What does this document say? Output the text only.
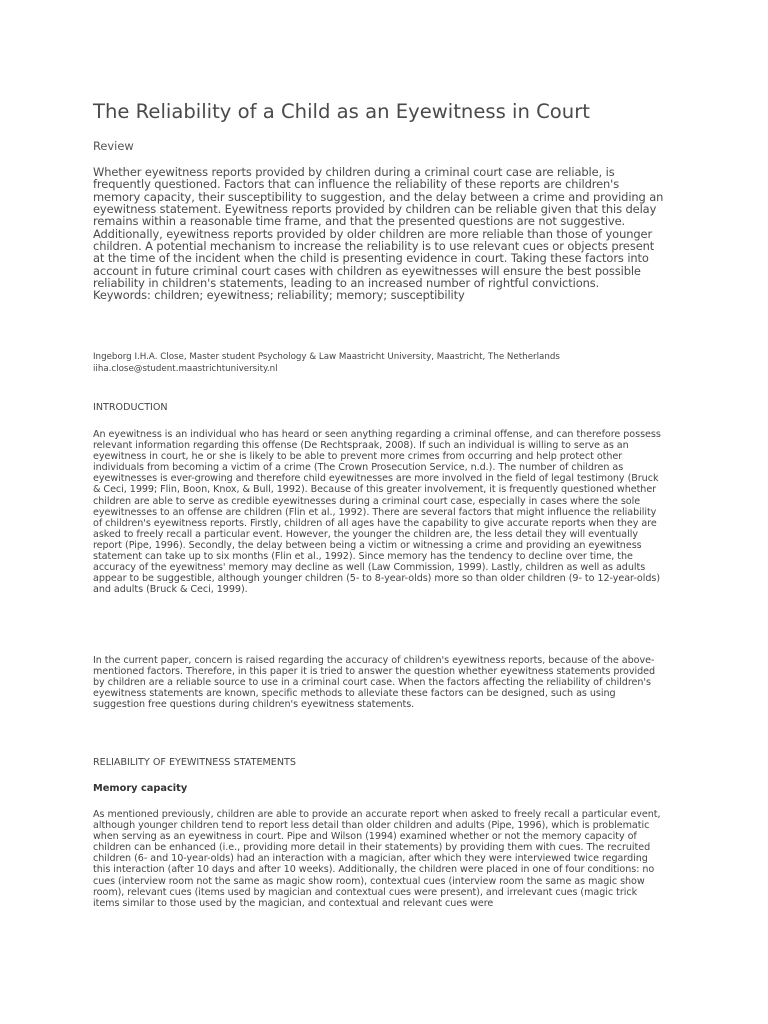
The Reliability of a Child as an Eyewitness in Court
Review

Whether eyewitness reports provided by children during a criminal court case are reliable, is frequently questioned. Factors that can influence the reliability of these reports are children's memory capacity, their susceptibility to suggestion, and the delay between a crime and providing an eyewitness statement. Eyewitness reports provided by children can be reliable given that this delay remains within a reasonable time frame, and that the presented questions are not suggestive. Additionally, eyewitness reports provided by older children are more reliable than those of younger children. A potential mechanism to increase the reliability is to use relevant cues or objects present at the time of the incident when the child is presenting evidence in court. Taking these factors into account in future criminal court cases with children as eyewitnesses will ensure the best possible reliability in children's statements, leading to an increased number of rightful convictions.
Keywords: children; eyewitness; reliability; memory; susceptibility

Ingeborg I.H.A. Close, Master student Psychology & Law Maastricht University, Maastricht, The Netherlands
iiha.close@student.maastrichtuniversity.nl
INTRODUCTION

An eyewitness is an individual who has heard or seen anything regarding a criminal offense, and can therefore possess relevant information regarding this offense (De Rechtspraak, 2008). If such an individual is willing to serve as an eyewitness in court, he or she is likely to be able to prevent more crimes from occurring and help protect other individuals from becoming a victim of a crime (The Crown Prosecution Service, n.d.). The number of children as eyewitnesses is ever-growing and therefore child eyewitnesses are more involved in the field of legal testimony (Bruck & Ceci, 1999; Flin, Boon, Knox, & Bull, 1992). Because of this greater involvement, it is frequently questioned whether children are able to serve as credible eyewitnesses during a criminal court case, especially in cases where the sole eyewitnesses to an offense are children (Flin et al., 1992). There are several factors that might influence the reliability of children's eyewitness reports. Firstly, children of all ages have the capability to give accurate reports when they are asked to freely recall a particular event. However, the younger the children are, the less detail they will eventually report (Pipe, 1996). Secondly, the delay between being a victim or witnessing a crime and providing an eyewitness statement can take up to six months (Flin et al., 1992). Since memory has the tendency to decline over time, the accuracy of the eyewitness' memory may decline as well (Law Commission, 1999). Lastly, children as well as adults appear to be suggestible, although younger children (5- to 8-year-olds) more so than older children (9- to 12-year-olds) and adults (Bruck & Ceci, 1999).

In the current paper, concern is raised regarding the accuracy of children's eyewitness reports, because of the above-mentioned factors. Therefore, in this paper it is tried to answer the question whether eyewitness statements provided by children are a reliable source to use in a criminal court case. When the factors affecting the reliability of children's eyewitness statements are known, specific methods to alleviate these factors can be designed, such as using suggestion free questions during children's eyewitness statements.

RELIABILITY OF EYEWITNESS STATEMENTS
Memory capacity

As mentioned previously, children are able to provide an accurate report when asked to freely recall a particular event, although younger children tend to report less detail than older children and adults (Pipe, 1996), which is problematic when serving as an eyewitness in court. Pipe and Wilson (1994) examined whether or not the memory capacity of children can be enhanced (i.e., providing more detail in their statements) by providing them with cues. The recruited children (6- and 10-year-olds) had an interaction with a magician, after which they were interviewed twice regarding this interaction (after 10 days and after 10 weeks). Additionally, the children were placed in one of four conditions: no cues (interview room not the same as magic show room), contextual cues (interview room the same as magic show room), relevant cues (items used by magician and contextual cues were present), and irrelevant cues (magic trick items similar to those used by the magician, and contextual and relevant cues were
